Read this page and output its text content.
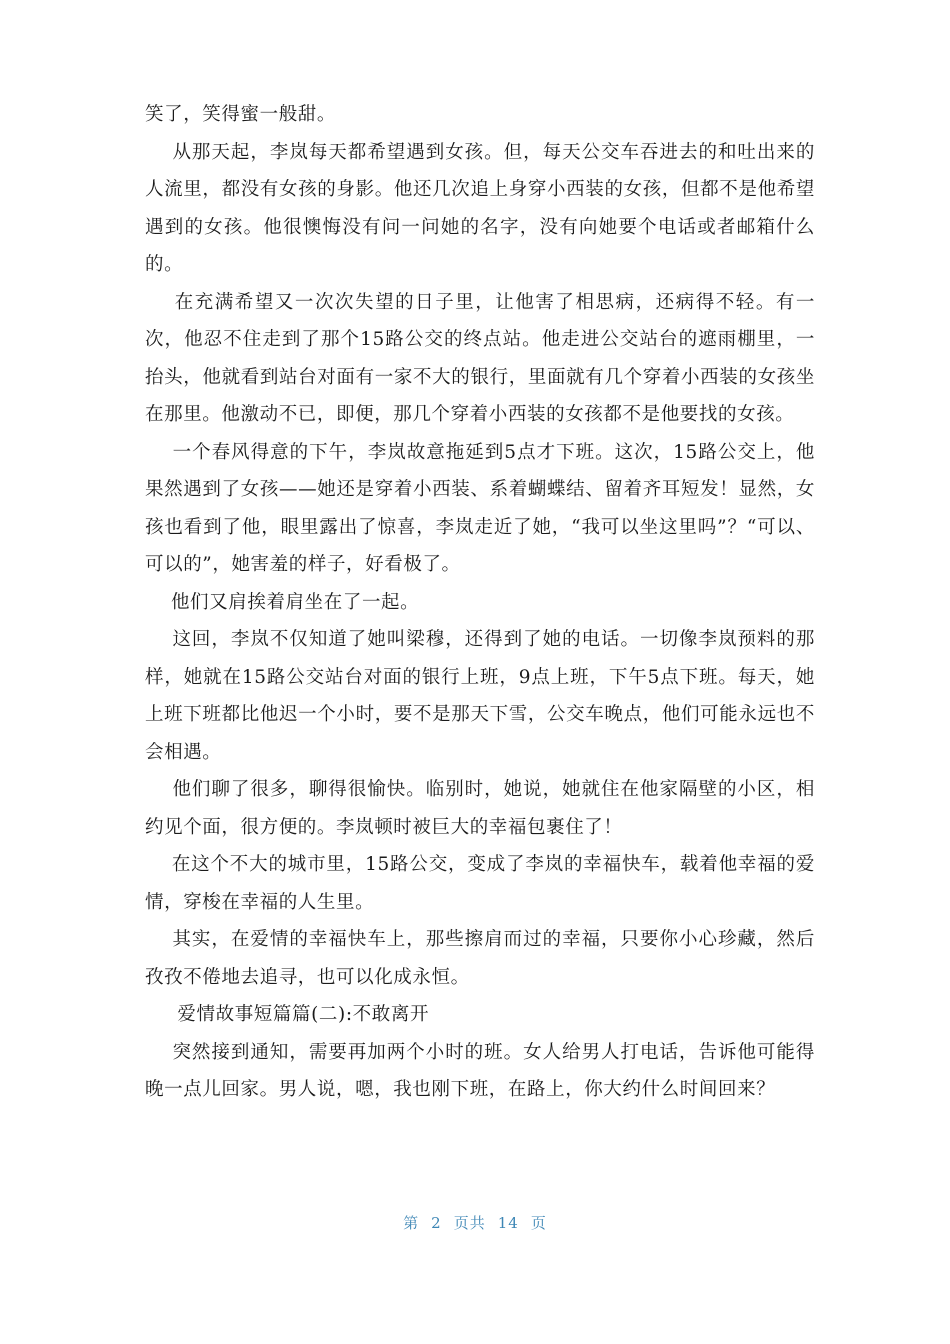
笑了，笑得蜜一般甜。

从那天起，李岚每天都希望遇到女孩。但，每天公交车吞进去的和吐出来的人流里，都没有女孩的身影。他还几次追上身穿小西装的女孩，但都不是他希望遇到的女孩。他很懊悔没有问一问她的名字，没有向她要个电话或者邮箱什么的。

在充满希望又一次次失望的日子里，让他害了相思病，还病得不轻。有一次，他忍不住走到了那个15路公交的终点站。他走进公交站台的遮雨棚里，一抬头，他就看到站台对面有一家不大的银行，里面就有几个穿着小西装的女孩坐在那里。他激动不已，即便，那几个穿着小西装的女孩都不是他要找的女孩。

一个春风得意的下午，李岚故意拖延到5点才下班。这次，15路公交上，他果然遇到了女孩——她还是穿着小西装、系着蝴蝶结、留着齐耳短发！显然，女孩也看到了他，眼里露出了惊喜，李岚走近了她，“我可以坐这里吗”？“可以、可以的”，她害羞的样子，好看极了。

他们又肩挨着肩坐在了一起。

这回，李岚不仅知道了她叫梁穆，还得到了她的电话。一切像李岚预料的那样，她就在15路公交站台对面的银行上班，9点上班，下午5点下班。每天，她上班下班都比他迟一个小时，要不是那天下雪，公交车晚点，他们可能永远也不会相遇。

他们聊了很多，聊得很愉快。临别时，她说，她就住在他家隔壁的小区，相约见个面，很方便的。李岚顿时被巨大的幸福包裹住了！

在这个不大的城市里，15路公交，变成了李岚的幸福快车，载着他幸福的爱情，穿梭在幸福的人生里。

其实，在爱情的幸福快车上，那些擦肩而过的幸福，只要你小心珍藏，然后孜孜不倦地去追寻，也可以化成永恒。

爱情故事短篇篇(二):不敢离开

突然接到通知，需要再加两个小时的班。女人给男人打电话，告诉他可能得晚一点儿回家。男人说，嗯，我也刚下班，在路上，你大约什么时间回来？

第 2 页共 14 页
